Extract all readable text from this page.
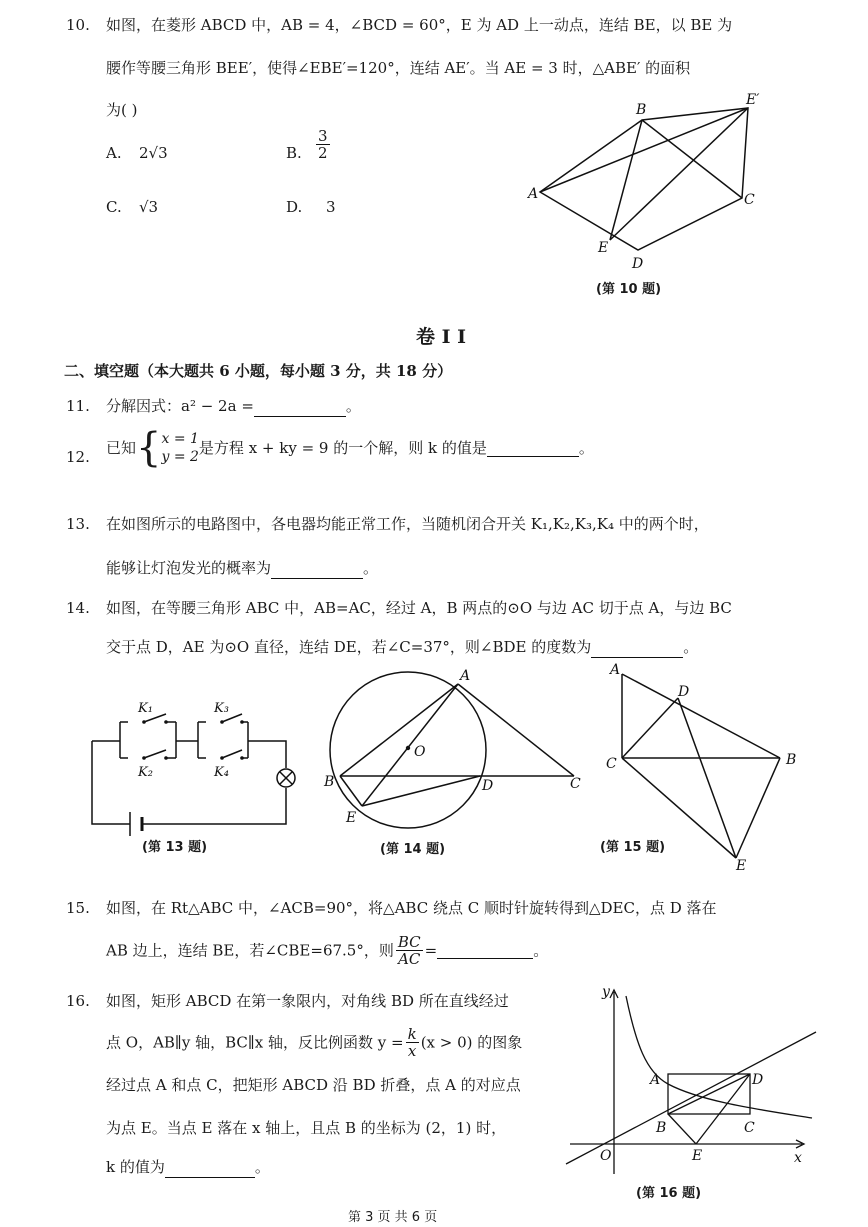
10. 如图，在菱形 ABCD 中，AB = 4，∠BCD = 60°，E 为 AD 上一动点，连结 BE，以 BE 为
腰作等腰三角形 BEE′，使得∠EBE′=120°，连结 AE′。当 AE = 3 时，△ABE′ 的面积
为( )
A. 2√3	B. $\frac{3}{2}$
C. √3	D. 3
A
B
C
D
E
E′
(第 10 题)
卷 I I
二、填空题（本大题共 6 小题，每小题 3 分，共 18 分）
11. 分解因式：a² − 2a =	。
12. 已知{ x = 1
y = 2 是方程 x + ky = 9 的一个解，则 k 的值是	。
13. 在如图所示的电路图中，各电器均能正常工作，当随机闭合开关 K₁,K₂,K₃,K₄ 中的两个时，
能够让灯泡发光的概率为	。
14. 如图，在等腰三角形 ABC 中，AB=AC，经过 A，B 两点的⊙O 与边 AC 切于点 A，与边 BC
交于点 D，AE 为⊙O 直径，连结 DE，若∠C=37°，则∠BDE 的度数为	。
K₁
K₂
K₃
K₄
(第 13 题)
A
B	C
D
E
O
(第 14 题)
A
B
C
D
E
(第 15 题)
15. 如图，在 Rt△ABC 中，∠ACB=90°，将△ABC 绕点 C 顺时针旋转得到△DEC，点 D 落在
AB 边上，连结 BE，若∠CBE=67.5°，则 $\frac{BC}{AC}$ =	。
16. 如图，矩形 ABCD 在第一象限内，对角线 BD 所在直线经过
点 O，AB∥y 轴，BC∥x 轴，反比例函数 $y = \frac{k}{x} (x > 0)$ 的图象
经过点 A 和点 C，把矩形 ABCD 沿 BD 折叠，点 A 的对应点
为点 E。当点 E 落在 x 轴上，且点 B 的坐标为 (2，1) 时，
k 的值为	。
y
x
O
A
B	C
D
E
(第 16 题)
第 3 页 共 6 页
